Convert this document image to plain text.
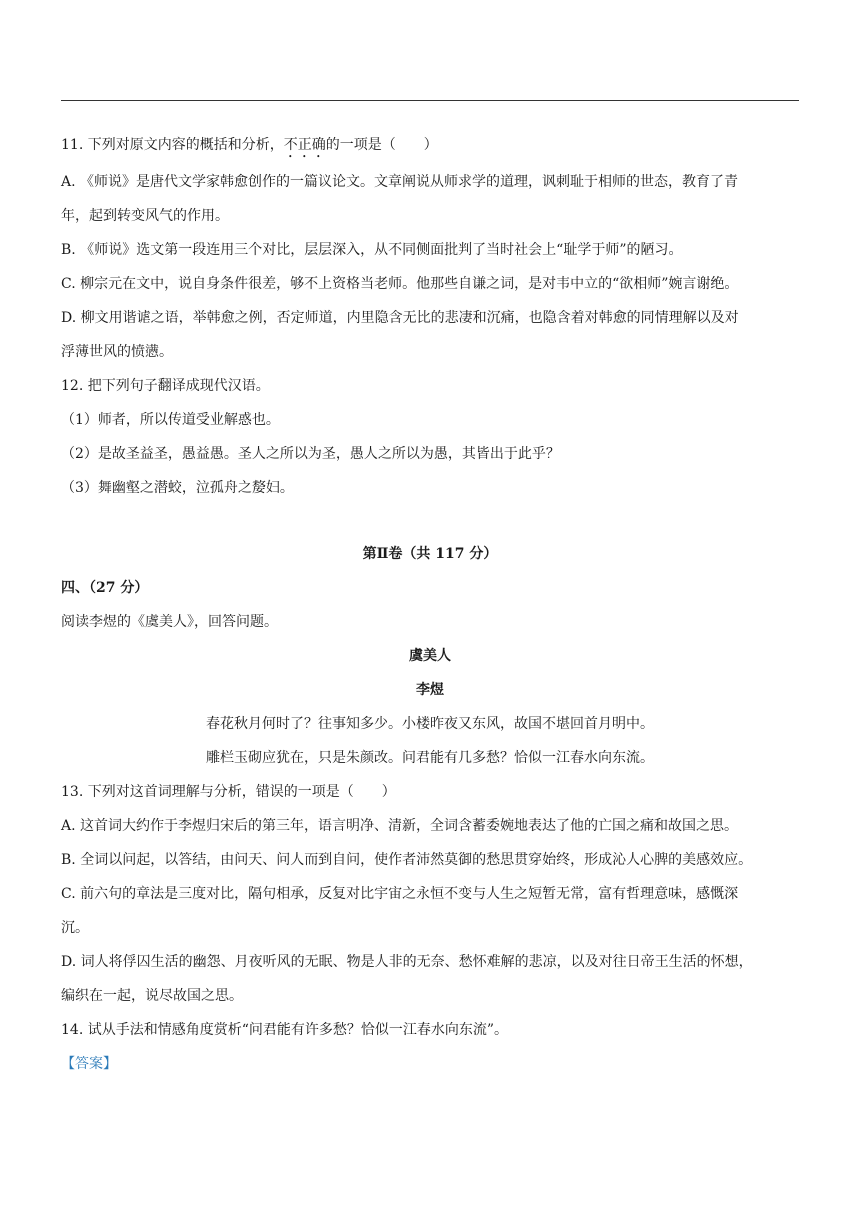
11. 下列对原文内容的概括和分析，不正确的一项是（　　）
A. 《师说》是唐代文学家韩愈创作的一篇议论文。文章阐说从师求学的道理，讽刺耻于相师的世态，教育了青
年，起到转变风气的作用。
B. 《师说》选文第一段连用三个对比，层层深入，从不同侧面批判了当时社会上“耻学于师”的陋习。
C. 柳宗元在文中，说自身条件很差，够不上资格当老师。他那些自谦之词，是对韦中立的“欲相师”婉言谢绝。
D. 柳文用谐谑之语，举韩愈之例，否定师道，内里隐含无比的悲凄和沉痛，也隐含着对韩愈的同情理解以及对
浮薄世风的愤懑。
12. 把下列句子翻译成现代汉语。
（1）师者，所以传道受业解惑也。
（2）是故圣益圣，愚益愚。圣人之所以为圣，愚人之所以为愚，其皆出于此乎？
（3）舞幽壑之潜蛟，泣孤舟之嫠妇。
第Ⅱ卷（共 117 分）
四、（27 分）
阅读李煜的《虞美人》，回答问题。
虞美人
李煜
春花秋月何时了？往事知多少。小楼昨夜又东风，故国不堪回首月明中。
雕栏玉砌应犹在，只是朱颜改。问君能有几多愁？恰似一江春水向东流。
13. 下列对这首词理解与分析，错误的一项是（　　）
A. 这首词大约作于李煜归宋后的第三年，语言明净、清新，全词含蓄委婉地表达了他的亡国之痛和故国之思。
B. 全词以问起，以答结，由问天、问人而到自问，使作者沛然莫御的愁思贯穿始终，形成沁人心脾的美感效应。
C. 前六句的章法是三度对比，隔句相承，反复对比宇宙之永恒不变与人生之短暂无常，富有哲理意味，感慨深
沉。
D. 词人将俘囚生活的幽怨、月夜听风的无眠、物是人非的无奈、愁怀难解的悲凉，以及对往日帝王生活的怀想，
编织在一起，说尽故国之思。
14. 试从手法和情感角度赏析“问君能有许多愁？恰似一江春水向东流”。
【答案】
